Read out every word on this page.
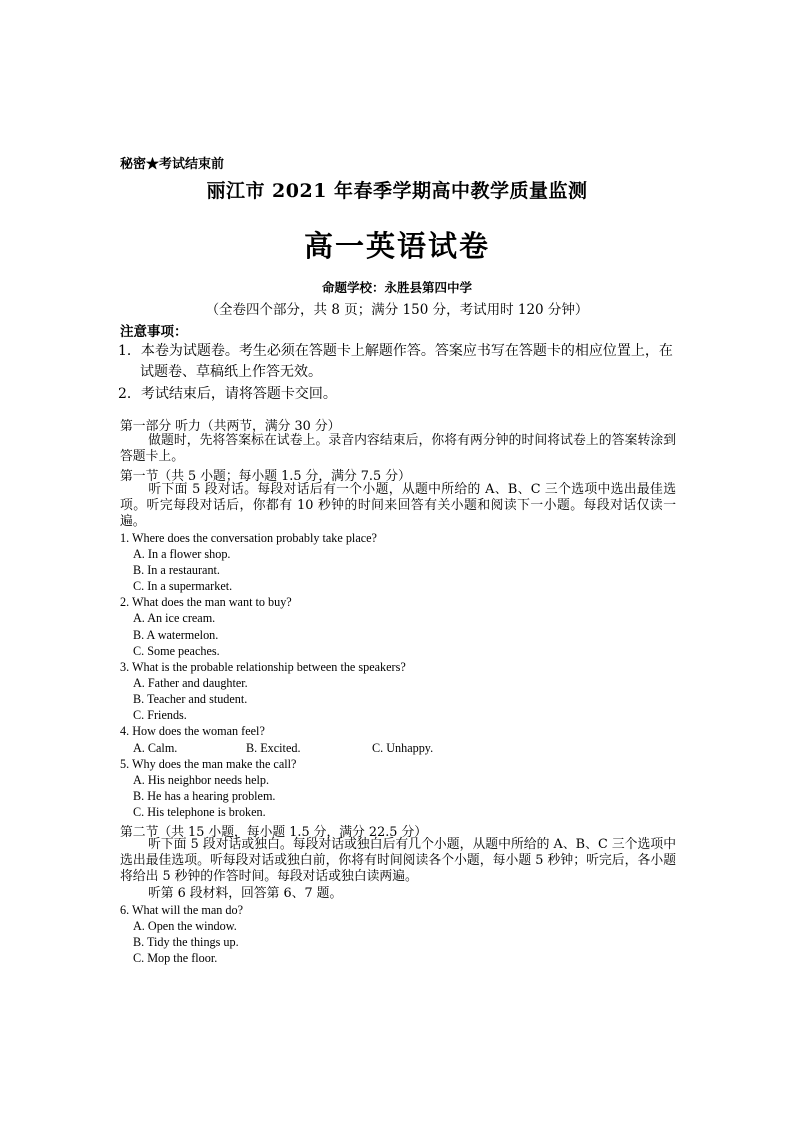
秘密★考试结束前
丽江市 2021 年春季学期高中教学质量监测
高一英语试卷
命题学校：永胜县第四中学
（全卷四个部分，共 8 页；满分 150 分，考试用时 120 分钟）
注意事项：
1．本卷为试题卷。考生必须在答题卡上解题作答。答案应书写在答题卡的相应位置上，在
试题卷、草稿纸上作答无效。
2．考试结束后，请将答题卡交回。
第一部分 听力（共两节，满分 30 分）
做题时，先将答案标在试卷上。录音内容结束后，你将有两分钟的时间将试卷上的答案转涂到答题卡上。
第一节（共 5 小题；每小题 1.5 分，满分 7.5 分）
听下面 5 段对话。每段对话后有一个小题，从题中所给的 A、B、C 三个选项中选出最佳选项。听完每段对话后，你都有 10 秒钟的时间来回答有关小题和阅读下一小题。每段对话仅读一遍。
1. Where does the conversation probably take place?
A. In a flower shop.
B. In a restaurant.
C. In a supermarket.
2. What does the man want to buy?
A. An ice cream.
B. A watermelon.
C. Some peaches.
3. What is the probable relationship between the speakers?
A. Father and daughter.
B. Teacher and student.
C. Friends.
4. How does the woman feel?
A. Calm.	B. Excited.	C. Unhappy.
5. Why does the man make the call?
A. His neighbor needs help.
B. He has a hearing problem.
C. His telephone is broken.
第二节（共 15 小题，每小题 1.5 分，满分 22.5 分）
听下面 5 段对话或独白。每段对话或独白后有几个小题，从题中所给的 A、B、C 三个选项中选出最佳选项。听每段对话或独白前，你将有时间阅读各个小题，每小题 5 秒钟；听完后，各小题将给出 5 秒钟的作答时间。每段对话或独白读两遍。
听第 6 段材料，回答第 6、7 题。
6. What will the man do?
A. Open the window.
B. Tidy the things up.
C. Mop the floor.
